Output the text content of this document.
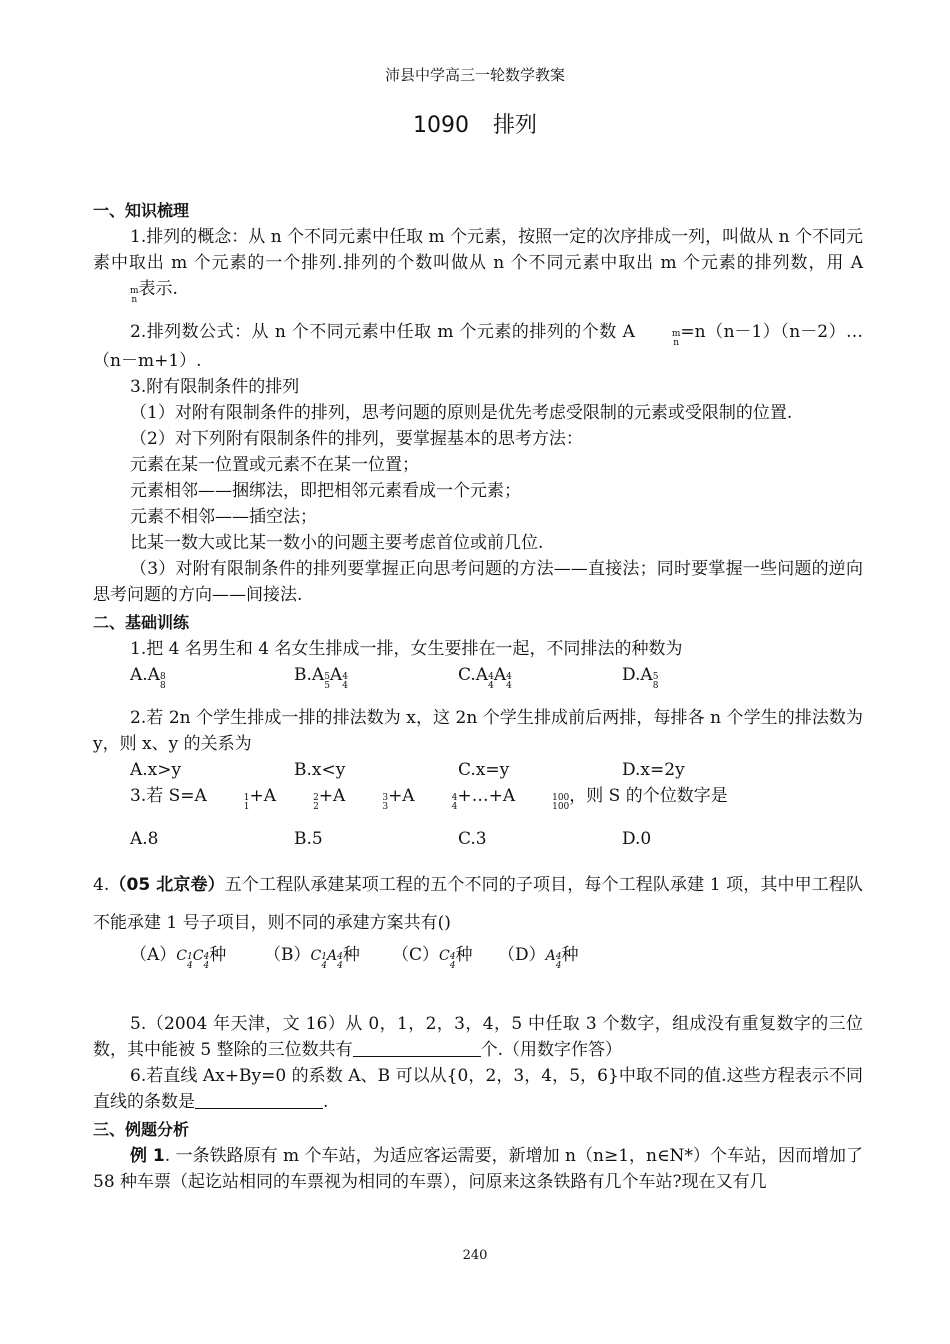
沛县中学高三一轮数学教案
1090 排列
一、知识梳理

1.排列的概念：从 n 个不同元素中任取 m 个元素，按照一定的次序排成一列，叫做从 n 个不同元素中取出 m 个元素的一个排列.排列的个数叫做从 n 个不同元素中取出 m 个元素的排列数，用 A
m
n
表示.

2.排列数公式：从 n 个不同元素中任取 m 个元素的排列的个数 A	m
n
=n（n－1）（n－2）…（n－m+1）.

3.附有限制条件的排列

（1）对附有限制条件的排列，思考问题的原则是优先考虑受限制的元素或受限制的位置.

（2）对下列附有限制条件的排列，要掌握基本的思考方法：

元素在某一位置或元素不在某一位置；

元素相邻——捆绑法，即把相邻元素看成一个元素；

元素不相邻——插空法；

比某一数大或比某一数小的问题主要考虑首位或前几位.

（3）对附有限制条件的排列要掌握正向思考问题的方法——直接法；同时要掌握一些问题的逆向思考问题的方向——间接法.

二、基础训练

1.把 4 名男生和 4 名女生排成一排，女生要排在一起，不同排法的种数为

A.A 8
8
B.A 5
5
A 4
4
C.A 4
4
A 4
4
D.A 5
8

2.若 2n 个学生排成一排的排法数为 x，这 2n 个学生排成前后两排，每排各 n 个学生的排法数为 y，则 x、y 的关系为

A.x>y	B.x<y	C.x=y	D.x=2y

3.若 S=A	1
1
+A	2
2
+A	3
3
+A	4
4
+…+A	100
100
，则 S 的个位数字是

A.8	B.5	C.3	D.0

4.（05 北京卷）五个工程队承建某项工程的五个不同的子项目，每个工程队承建 1 项，其中甲工程队不能承建 1 号子项目，则不同的承建方案共有()

（A）C 1
4
C 4
4
种	（B）C 1
4
A 4
4
种	（C）C 4
4
种	（D）A 4
4
种

5.（2004 年天津，文 16）从 0，1，2，3，4，5 中任取 3 个数字，组成没有重复数字的三位数，其中能被 5 整除的三位数共有	个.（用数字作答）

6.若直线 Ax+By=0 的系数 A、B 可以从{0，2，3，4，5，6}中取不同的值.这些方程表示不同直线的条数是	.

三、例题分析

例 1. 一条铁路原有 m 个车站，为适应客运需要，新增加 n（n≥1，n∈N*）个车站，因而增加了 58 种车票（起讫站相同的车票视为相同的车票），问原来这条铁路有几个车站?现在又有几

240
